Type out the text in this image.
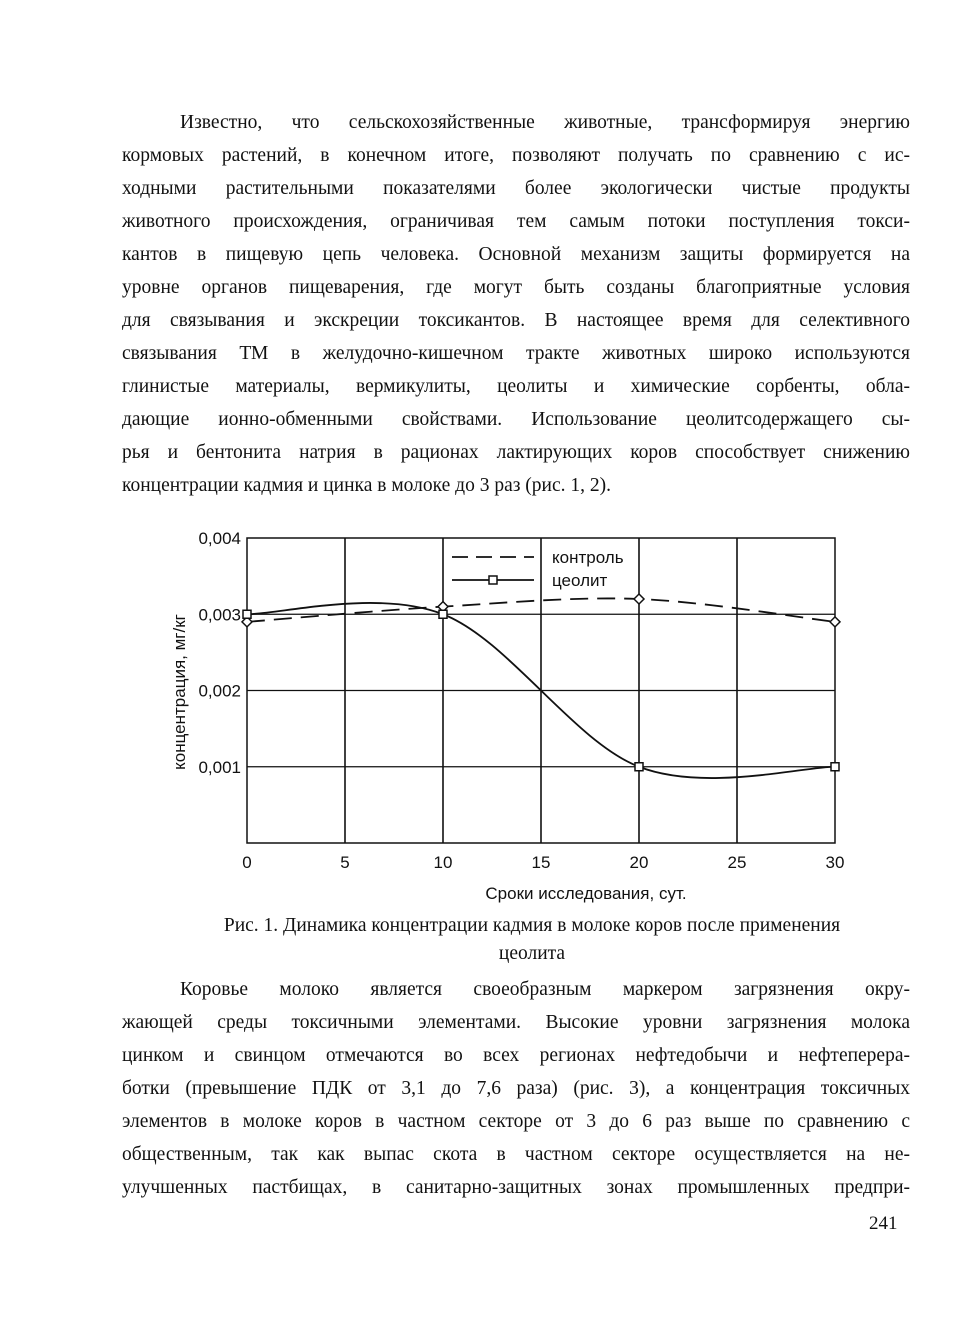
Известно, что сельскохозяйственные животные, трансформируя энергию
кормовых растений, в конечном итоге, позволяют получать по сравнению с ис-
ходными растительными показателями более экологически чистые продукты
животного происхождения, ограничивая тем самым потоки поступления токси-
кантов в пищевую цепь человека. Основной механизм защиты формируется на
уровне органов пищеварения, где могут быть созданы благоприятные условия
для связывания и экскреции токсикантов. В настоящее время для селективного
связывания ТМ в желудочно-кишечном тракте животных широко используются
глинистые материалы, вермикулиты, цеолиты и химические сорбенты, обла-
дающие ионно-обменными свойствами. Использование цеолитсодержащего сы-
рья и бентонита натрия в рационах лактирующих коров способствует снижению
концентрации кадмия и цинка в молоке до 3 раз (рис. 1, 2).
0	5	10	15	20	25	30
0,001
0,002
0,003
0,004
контроль
цеолит
концентрация, мг/кг
Сроки исследования, сут.
Рис. 1. Динамика концентрации кадмия в молоке коров после применения
цеолита
Коровье молоко является своеобразным маркером загрязнения окру-
жающей среды токсичными элементами. Высокие уровни загрязнения молока
цинком и свинцом отмечаются во всех регионах нефтедобычи и нефтеперера-
ботки (превышение ПДК от 3,1 до 7,6 раза) (рис. 3), а концентрация токсичных
элементов в молоке коров в частном секторе от 3 до 6 раз выше по сравнению с
общественным, так как выпас скота в частном секторе осуществляется на не-
улучшенных пастбищах, в санитарно-защитных зонах промышленных предпри-
241
